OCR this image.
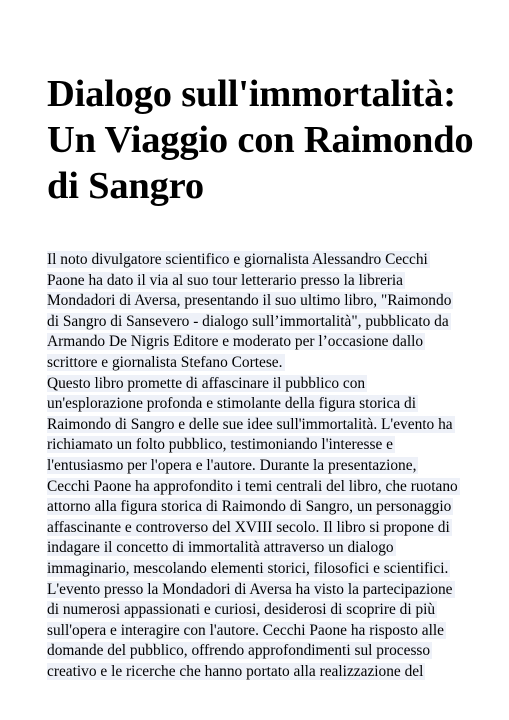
Dialogo sull'immortalità:
Un Viaggio con Raimondo
di Sangro
Il noto divulgatore scientifico e giornalista Alessandro Cecchi
Paone ha dato il via al suo tour letterario presso la libreria
Mondadori di Aversa, presentando il suo ultimo libro, "Raimondo
di Sangro di Sansevero - dialogo sull’immortalità", pubblicato da
Armando De Nigris Editore e moderato per l’occasione dallo
scrittore e giornalista Stefano Cortese.
Questo libro promette di affascinare il pubblico con
un'esplorazione profonda e stimolante della figura storica di
Raimondo di Sangro e delle sue idee sull'immortalità. L'evento ha
richiamato un folto pubblico, testimoniando l'interesse e
l'entusiasmo per l'opera e l'autore. Durante la presentazione,
Cecchi Paone ha approfondito i temi centrali del libro, che ruotano
attorno alla figura storica di Raimondo di Sangro, un personaggio
affascinante e controverso del XVIII secolo. Il libro si propone di
indagare il concetto di immortalità attraverso un dialogo
immaginario, mescolando elementi storici, filosofici e scientifici.
L'evento presso la Mondadori di Aversa ha visto la partecipazione
di numerosi appassionati e curiosi, desiderosi di scoprire di più
sull'opera e interagire con l'autore. Cecchi Paone ha risposto alle
domande del pubblico, offrendo approfondimenti sul processo
creativo e le ricerche che hanno portato alla realizzazione del
